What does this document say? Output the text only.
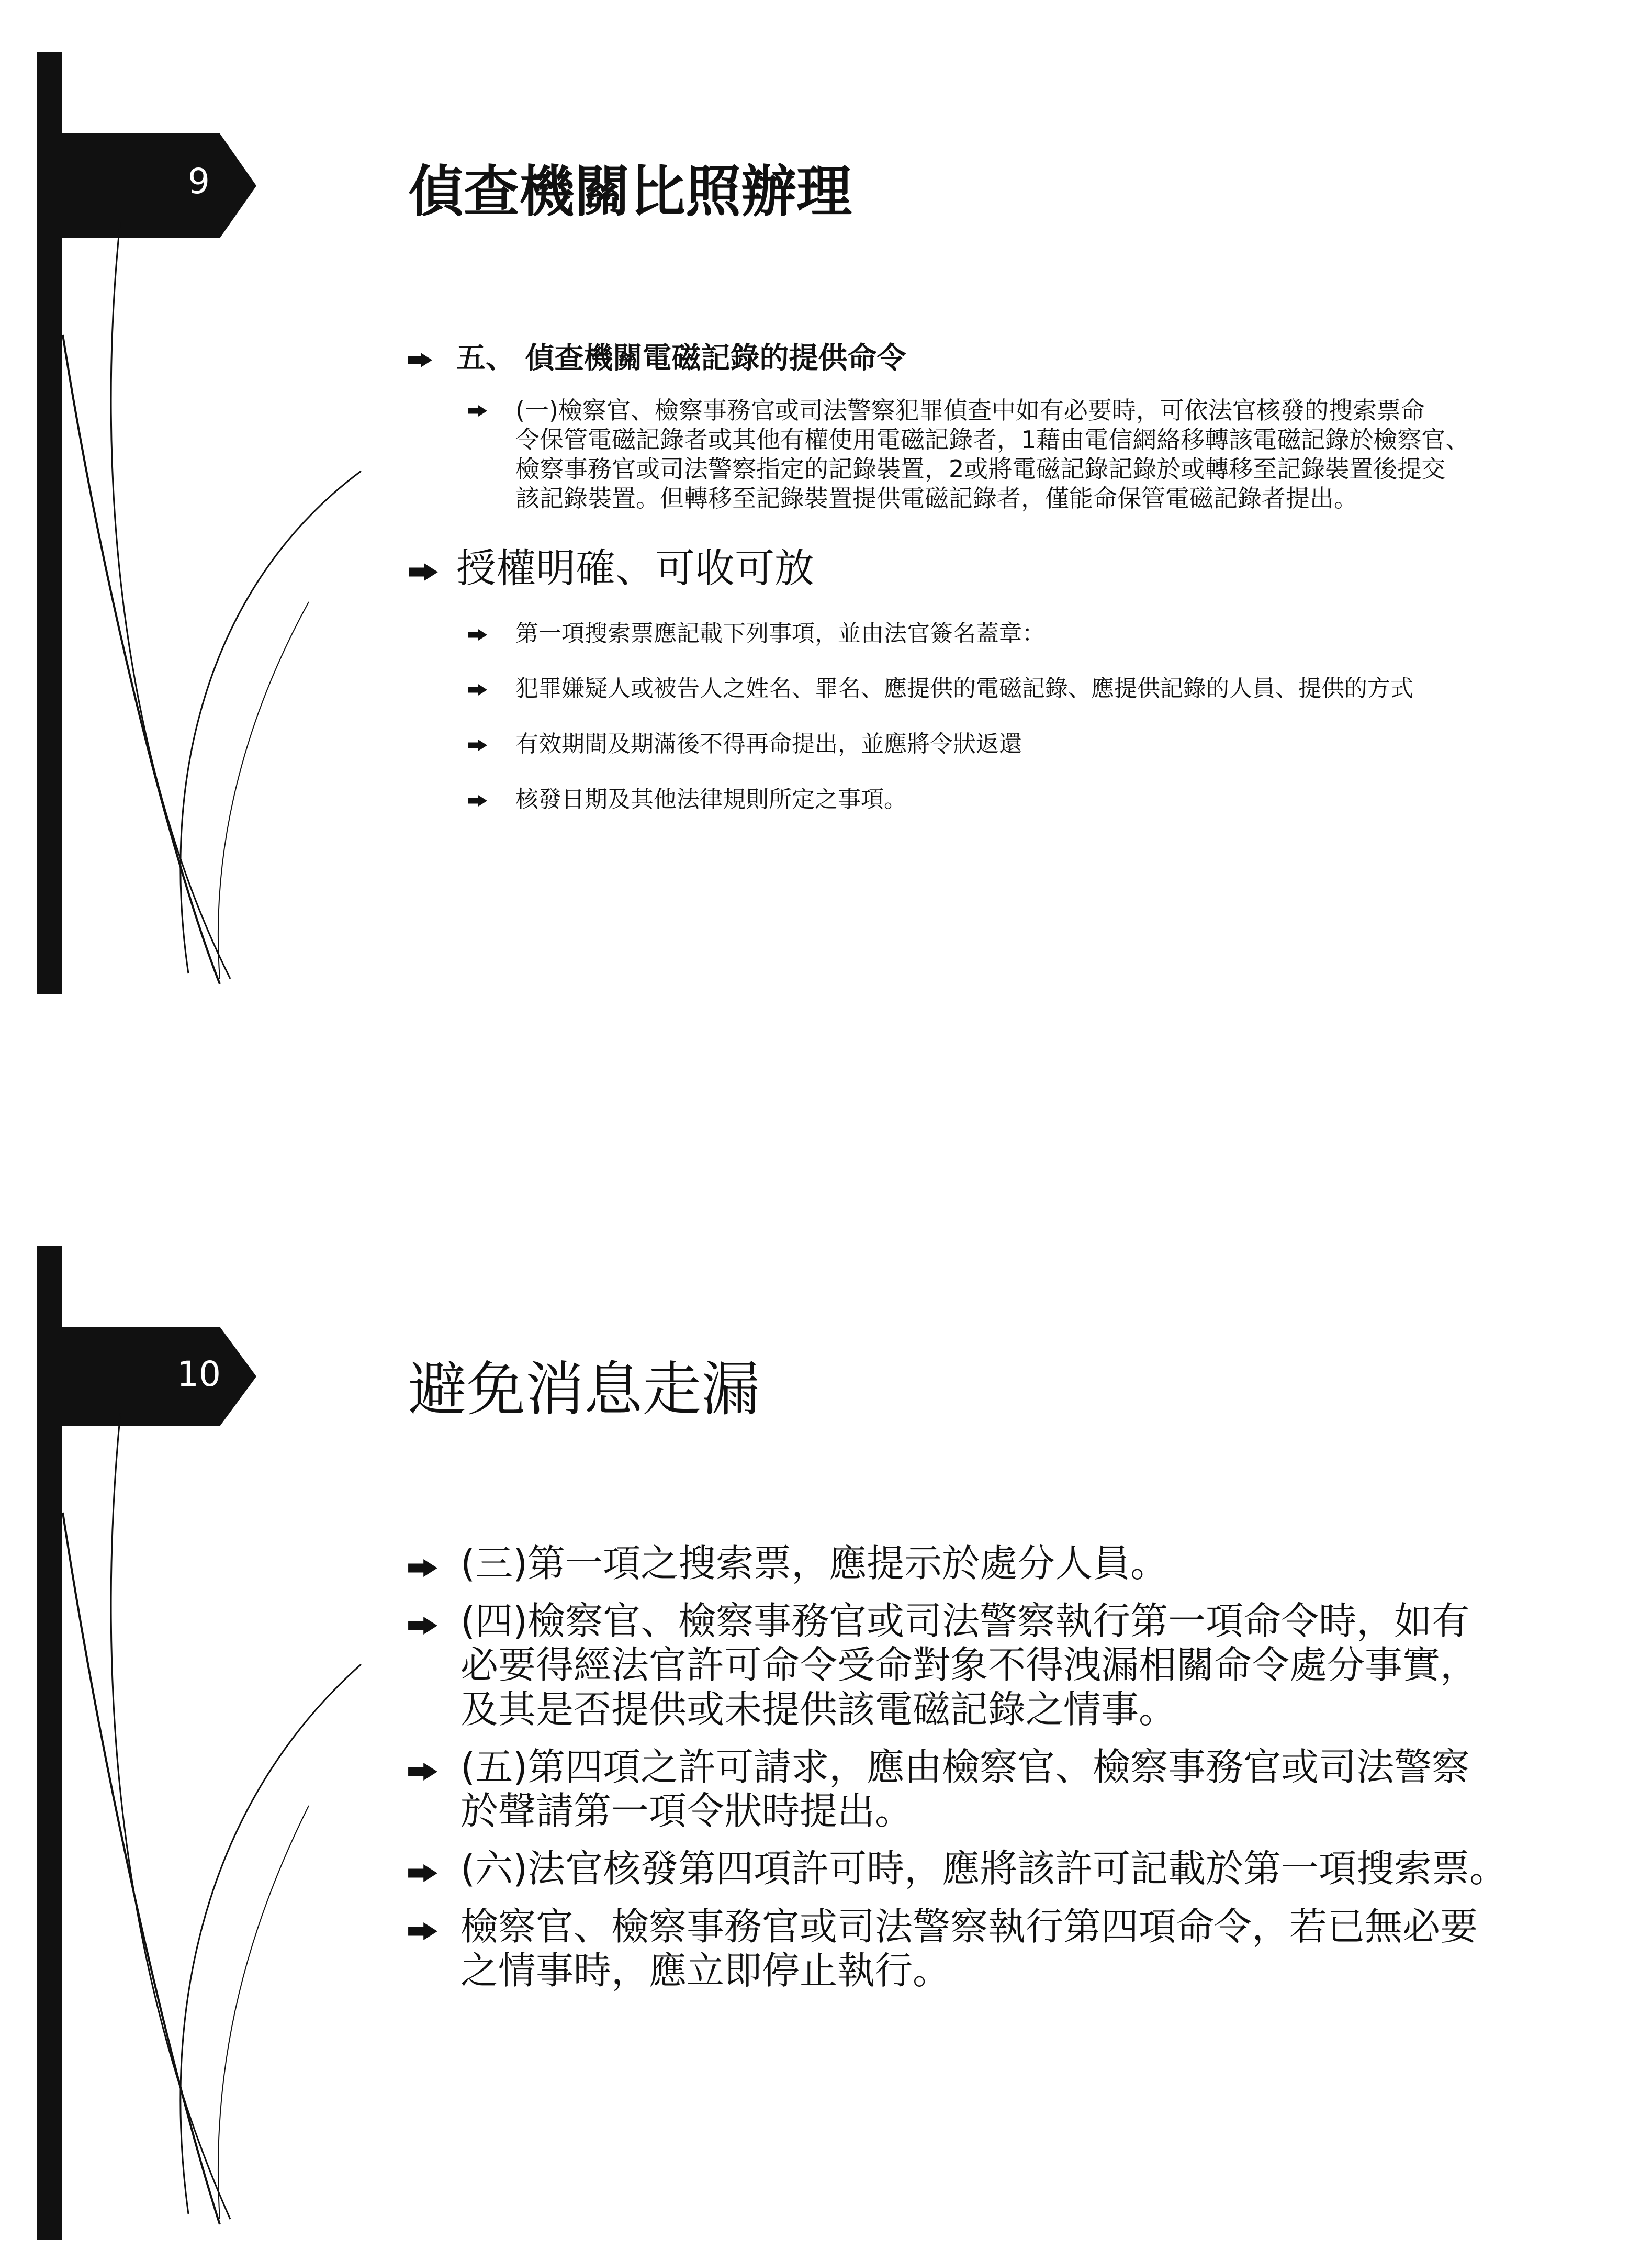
9	偵查機關比照辦理
五、 偵查機關電磁記錄的提供命令
(一)檢察官、檢察事務官或司法警察犯罪偵查中如有必要時，可依法官核發的搜索票命
令保管電磁記錄者或其他有權使用電磁記錄者，1藉由電信網絡移轉該電磁記錄於檢察官、
檢察事務官或司法警察指定的記錄裝置，2或將電磁記錄記錄於或轉移至記錄裝置後提交
該記錄裝置。但轉移至記錄裝置提供電磁記錄者，僅能命保管電磁記錄者提出。
授權明確、可收可放
第一項搜索票應記載下列事項，並由法官簽名蓋章：
犯罪嫌疑人或被告人之姓名、罪名、應提供的電磁記錄、應提供記錄的人員、提供的方式
有效期間及期滿後不得再命提出，並應將令狀返還
核發日期及其他法律規則所定之事項。
10	避免消息走漏
(三)第一項之搜索票，應提示於處分人員。
(四)檢察官、檢察事務官或司法警察執行第一項命令時，如有
必要得經法官許可命令受命對象不得洩漏相關命令處分事實，
及其是否提供或未提供該電磁記錄之情事。
(五)第四項之許可請求，應由檢察官、檢察事務官或司法警察
於聲請第一項令狀時提出。
(六)法官核發第四項許可時，應將該許可記載於第一項搜索票。
檢察官、檢察事務官或司法警察執行第四項命令，若已無必要
之情事時，應立即停止執行。
